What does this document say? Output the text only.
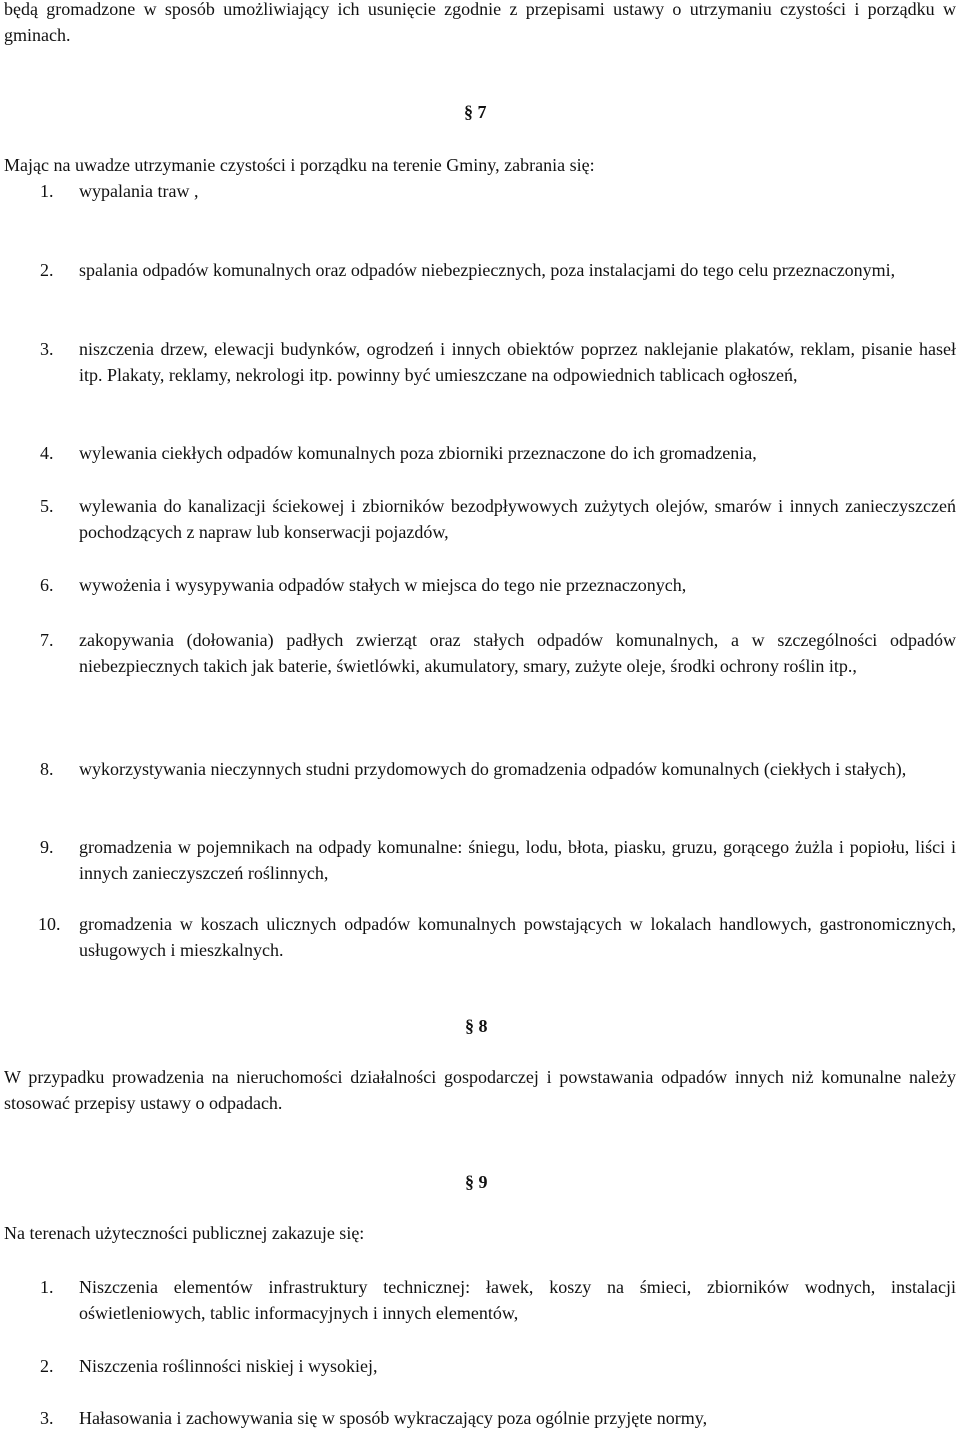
będą gromadzone w sposób umożliwiający ich usunięcie zgodnie z przepisami ustawy o utrzymaniu czystości i porządku w gminach.

§ 7

Mając na uwadze utrzymanie czystości i porządku na terenie Gminy, zabrania się:

1. wypalania traw ,

2. spalania odpadów komunalnych oraz odpadów niebezpiecznych, poza instalacjami do tego celu przeznaczonymi,

3. niszczenia drzew, elewacji budynków, ogrodzeń i innych obiektów poprzez naklejanie plakatów, reklam, pisanie haseł itp. Plakaty, reklamy, nekrologi itp. powinny być umieszczane na odpowiednich tablicach ogłoszeń,

4. wylewania ciekłych odpadów komunalnych poza zbiorniki przeznaczone do ich gromadzenia,

5. wylewania do kanalizacji ściekowej i zbiorników bezodpływowych zużytych olejów, smarów i innych zanieczyszczeń pochodzących z napraw lub konserwacji pojazdów,

6. wywożenia i wysypywania odpadów stałych w miejsca do tego nie przeznaczonych,

7. zakopywania (dołowania) padłych zwierząt oraz stałych odpadów komunalnych, a w szczególności odpadów niebezpiecznych takich jak baterie, świetlówki, akumulatory, smary, zużyte oleje, środki ochrony roślin itp.,

8. wykorzystywania nieczynnych studni przydomowych do gromadzenia odpadów komunalnych (ciekłych i stałych),

9. gromadzenia w pojemnikach na odpady komunalne: śniegu, lodu, błota, piasku, gruzu, gorącego żużla i popiołu, liści i innych zanieczyszczeń roślinnych,

10. gromadzenia w koszach ulicznych odpadów komunalnych powstających w lokalach handlowych, gastronomicznych, usługowych i mieszkalnych.

§ 8

W przypadku prowadzenia na nieruchomości działalności gospodarczej i powstawania odpadów innych niż komunalne należy stosować przepisy ustawy o odpadach.

§ 9

Na terenach użyteczności publicznej zakazuje się:

1. Niszczenia elementów infrastruktury technicznej: ławek, koszy na śmieci, zbiorników wodnych, instalacji oświetleniowych, tablic informacyjnych i innych elementów,

2. Niszczenia roślinności niskiej i wysokiej,

3. Hałasowania i zachowywania się w sposób wykraczający poza ogólnie przyjęte normy,
